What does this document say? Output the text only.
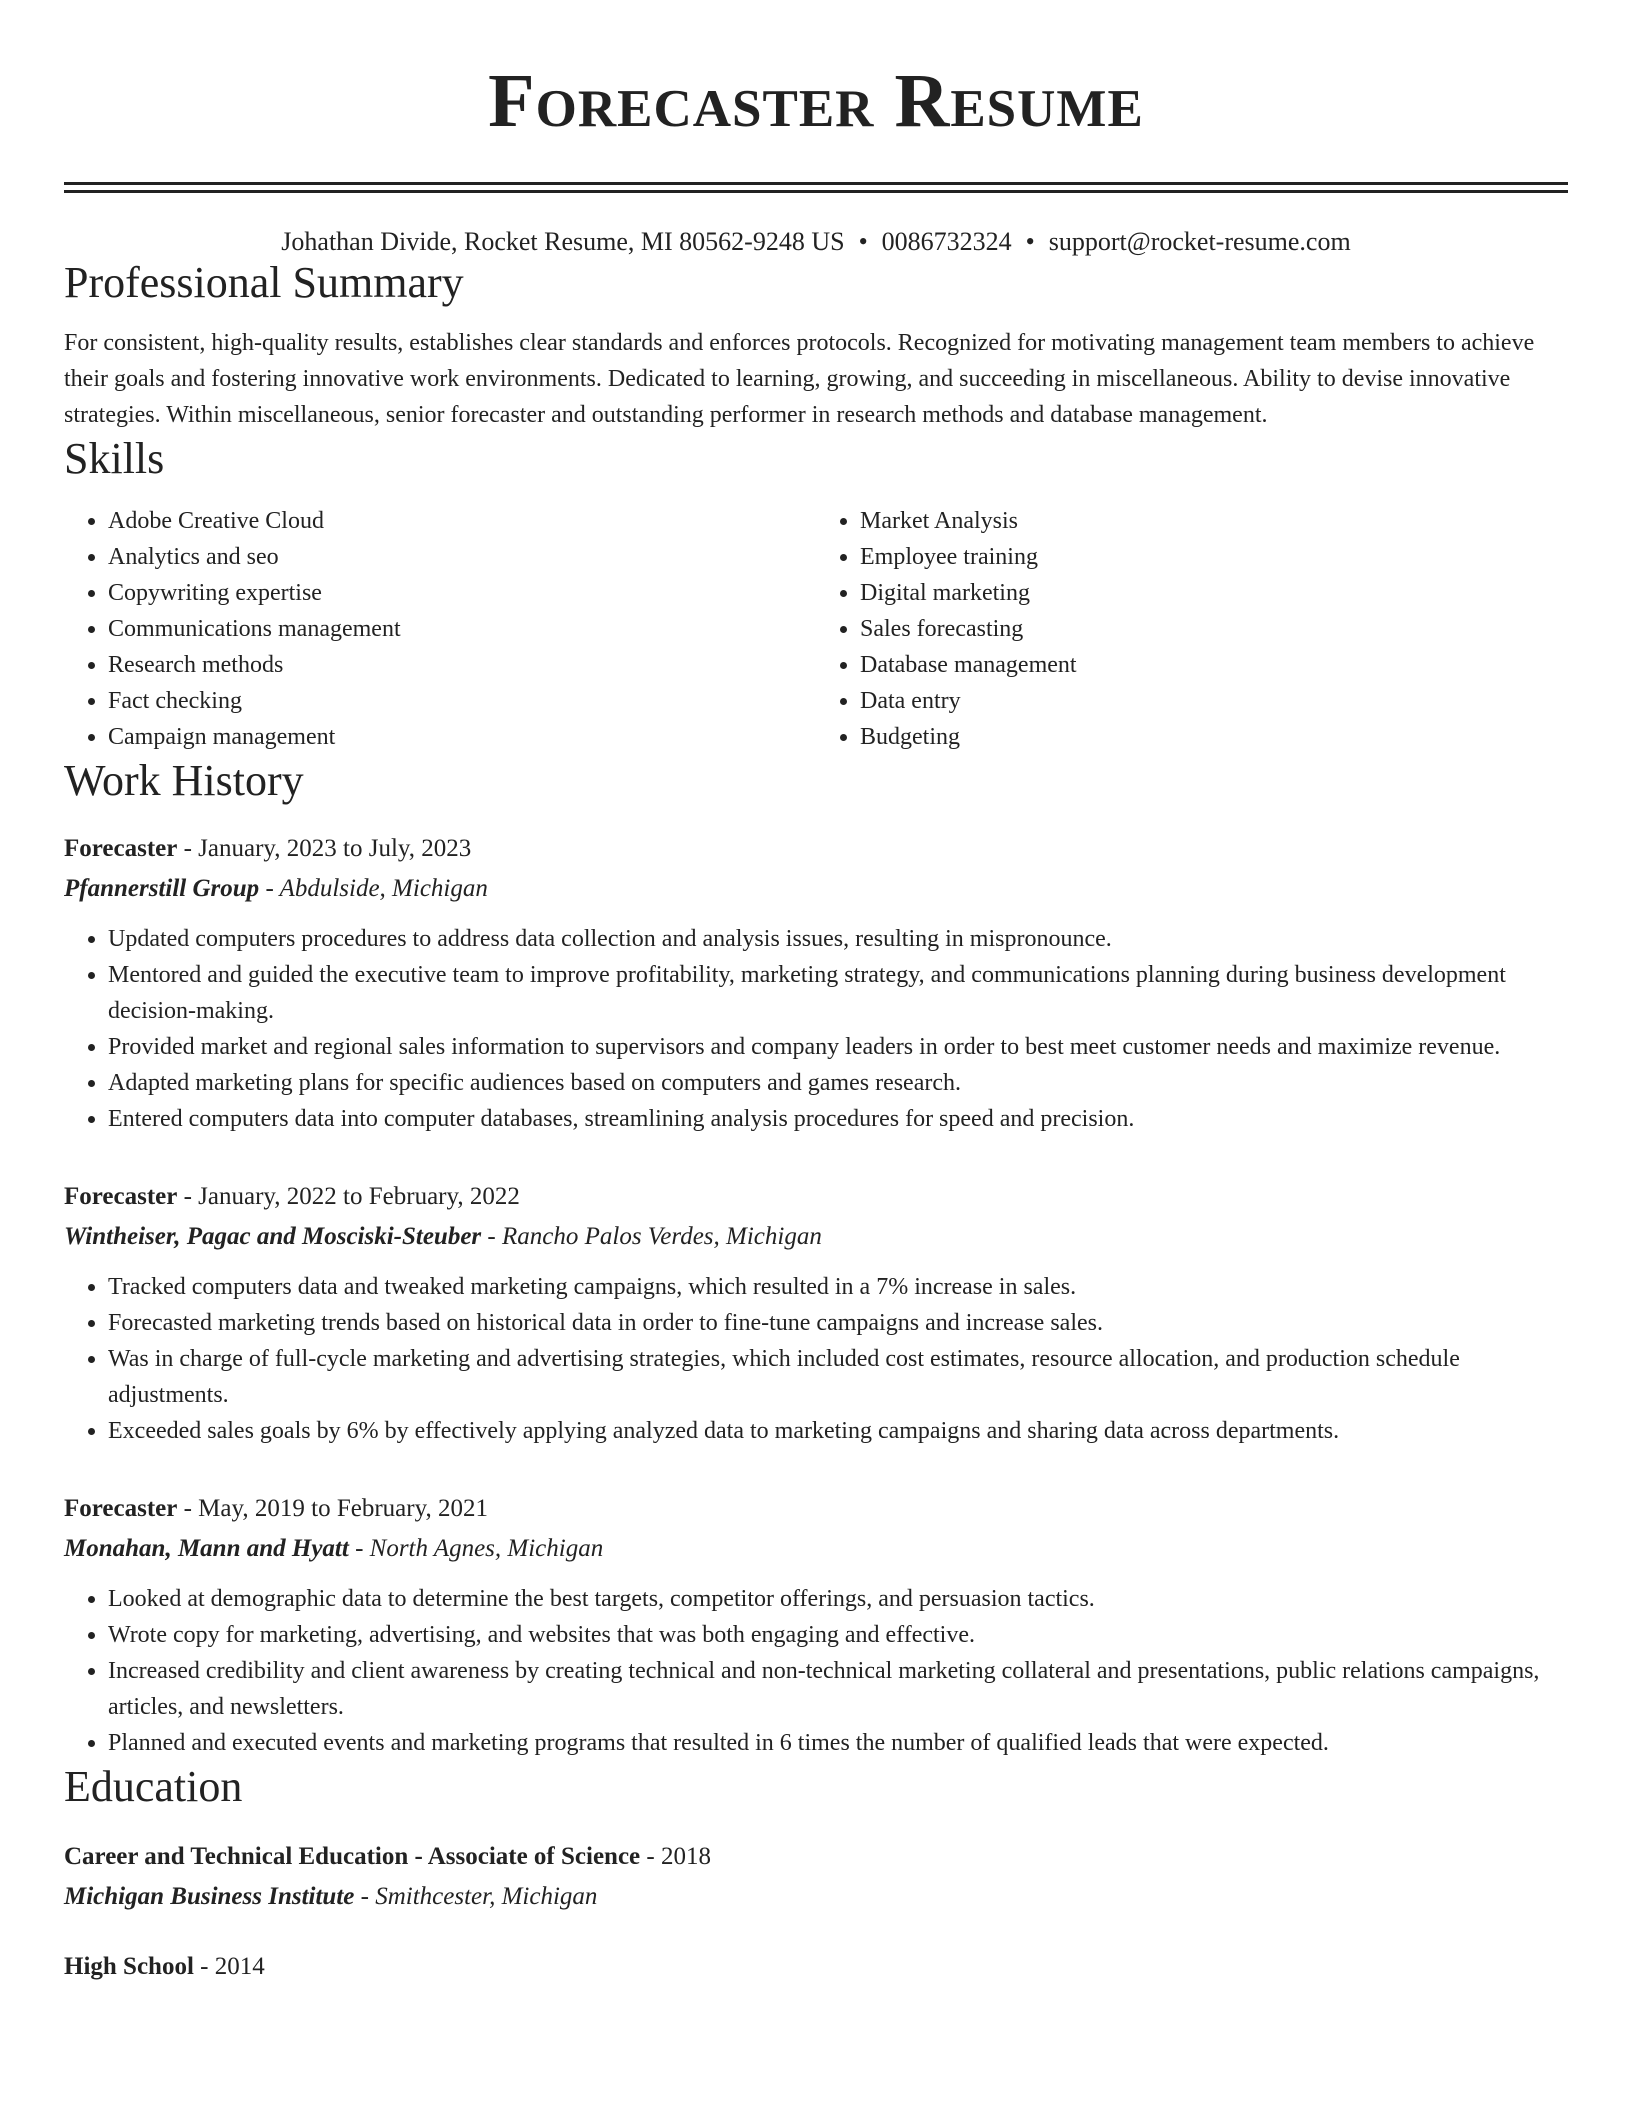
Forecaster Resume
Johathan Divide, Rocket Resume, MI 80562-9248 US • 0086732324 • support@rocket-resume.com
Professional Summary

For consistent, high-quality results, establishes clear standards and enforces protocols. Recognized for motivating management team members to achieve their goals and fostering innovative work environments. Dedicated to learning, growing, and succeeding in miscellaneous. Ability to devise innovative strategies. Within miscellaneous, senior forecaster and outstanding performer in research methods and database management.

Skills
• Adobe Creative Cloud
• Analytics and seo
• Copywriting expertise
• Communications management
• Research methods
• Fact checking
• Campaign management
• Market Analysis
• Employee training
• Digital marketing
• Sales forecasting
• Database management
• Data entry
• Budgeting
Work History
Forecaster - January, 2023 to July, 2023
Pfannerstill Group - Abdulside, Michigan
• Updated computers procedures to address data collection and analysis issues, resulting in mispronounce.
• Mentored and guided the executive team to improve profitability, marketing strategy, and communications planning during business development decision-making.
• Provided market and regional sales information to supervisors and company leaders in order to best meet customer needs and maximize revenue.
• Adapted marketing plans for specific audiences based on computers and games research.
• Entered computers data into computer databases, streamlining analysis procedures for speed and precision.
Forecaster - January, 2022 to February, 2022
Wintheiser, Pagac and Mosciski-Steuber - Rancho Palos Verdes, Michigan
• Tracked computers data and tweaked marketing campaigns, which resulted in a 7% increase in sales.
• Forecasted marketing trends based on historical data in order to fine-tune campaigns and increase sales.
• Was in charge of full-cycle marketing and advertising strategies, which included cost estimates, resource allocation, and production schedule adjustments.
• Exceeded sales goals by 6% by effectively applying analyzed data to marketing campaigns and sharing data across departments.
Forecaster - May, 2019 to February, 2021
Monahan, Mann and Hyatt - North Agnes, Michigan
• Looked at demographic data to determine the best targets, competitor offerings, and persuasion tactics.
• Wrote copy for marketing, advertising, and websites that was both engaging and effective.
• Increased credibility and client awareness by creating technical and non-technical marketing collateral and presentations, public relations campaigns, articles, and newsletters.
• Planned and executed events and marketing programs that resulted in 6 times the number of qualified leads that were expected.
Education
Career and Technical Education - Associate of Science - 2018
Michigan Business Institute - Smithcester, Michigan
High School - 2014
